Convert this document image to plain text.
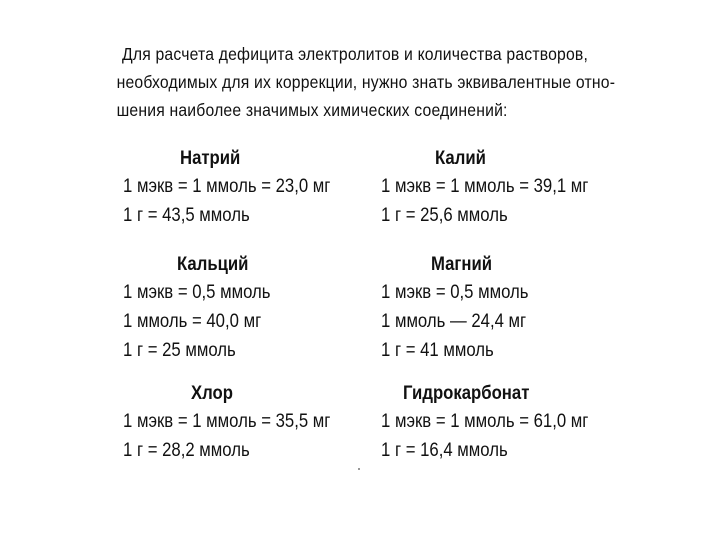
Для расчета дефицита электролитов и количества растворов,
необходимых для их коррекции, нужно знать эквивалентные отно-
шения наиболее значимых химических соединений:
Натрий
1 мэкв = 1 ммоль = 23,0 мг
1 г = 43,5 ммоль
Калий
1 мэкв = 1 ммоль = 39,1 мг
1 г = 25,6 ммоль
Кальций
1 мэкв = 0,5 ммоль
1 ммоль = 40,0 мг
1 г = 25 ммоль
Магний
1 мэкв = 0,5 ммоль
1 ммоль — 24,4 мг
1 г = 41 ммоль
Хлор
1 мэкв = 1 ммоль = 35,5 мг
1 г = 28,2 ммоль
Гидрокарбонат
1 мэкв = 1 ммоль = 61,0 мг
1 г = 16,4 ммоль
